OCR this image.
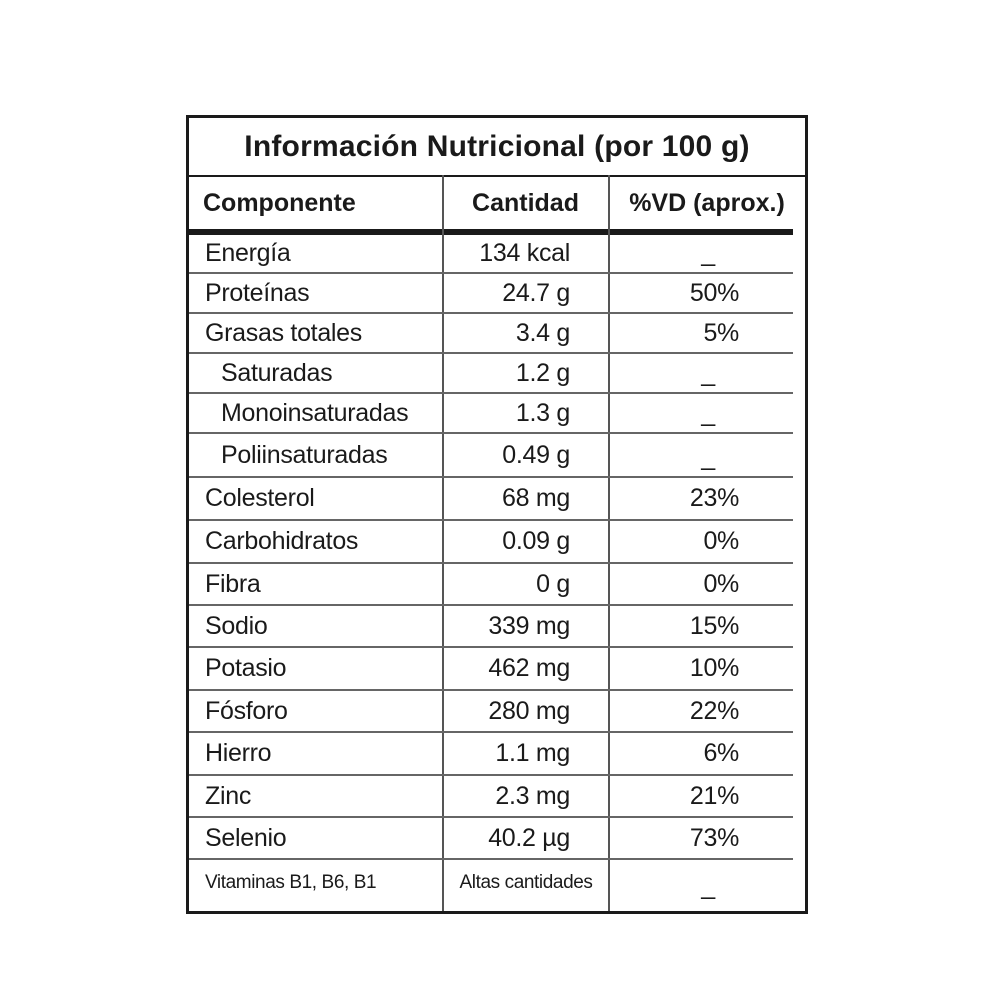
Información Nutricional (por 100 g)
Componente	Cantidad	%VD (aprox.)
Energía	134 kcal	_
Proteínas	24.7 g	50%
Grasas totales	3.4 g	5%
Saturadas	1.2 g	_
Monoinsaturadas	1.3 g	_
Poliinsaturadas	0.49 g	_
Colesterol	68 mg	23%
Carbohidratos	0.09 g	0%
Fibra	0 g	0%
Sodio	339 mg	15%
Potasio	462 mg	10%
Fósforo	280 mg	22%
Hierro	1.1 mg	6%
Zinc	2.3 mg	21%
Selenio	40.2 µg	73%
Vitaminas B1, B6, B1	Altas cantidades	_
